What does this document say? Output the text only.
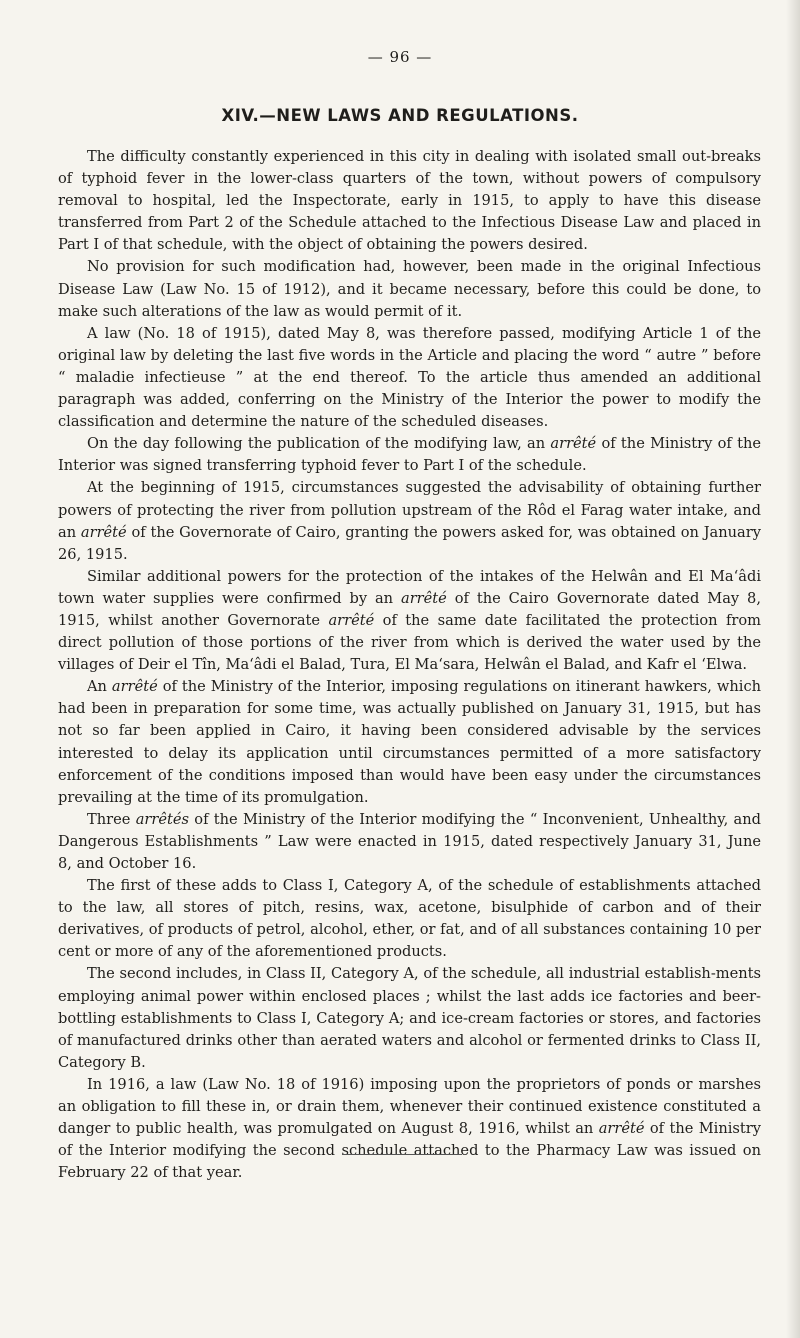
— 96 —
XIV.—NEW LAWS AND REGULATIONS.

The difficulty constantly experienced in this city in dealing with isolated small out-breaks of typhoid fever in the lower-class quarters of the town, without powers of compulsory removal to hospital, led the Inspectorate, early in 1915, to apply to have this disease transferred from Part 2 of the Schedule attached to the Infectious Disease Law and placed in Part I of that schedule, with the object of obtaining the powers desired.

No provision for such modification had, however, been made in the original Infectious Disease Law (Law No. 15 of 1912), and it became necessary, before this could be done, to make such alterations of the law as would permit of it.

A law (No. 18 of 1915), dated May 8, was therefore passed, modifying Article 1 of the original law by deleting the last five words in the Article and placing the word “ autre ” before “ maladie infectieuse ” at the end thereof. To the article thus amended an additional paragraph was added, conferring on the Ministry of the Interior the power to modify the classification and determine the nature of the scheduled diseases.

On the day following the publication of the modifying law, an arrêté of the Ministry of the Interior was signed transferring typhoid fever to Part I of the schedule.

At the beginning of 1915, circumstances suggested the advisability of obtaining further powers of protecting the river from pollution upstream of the Rôd el Farag water intake, and an arrêté of the Governorate of Cairo, granting the powers asked for, was obtained on January 26, 1915.

Similar additional powers for the protection of the intakes of the Helwân and El Ma‘âdi town water supplies were confirmed by an arrêté of the Cairo Governorate dated May 8, 1915, whilst another Governorate arrêté of the same date facilitated the protection from direct pollution of those portions of the river from which is derived the water used by the villages of Deir el Tîn, Ma‘âdi el Balad, Tura, El Ma‘sara, Helwân el Balad, and Kafr el ‘Elwa.

An arrêté of the Ministry of the Interior, imposing regulations on itinerant hawkers, which had been in preparation for some time, was actually published on January 31, 1915, but has not so far been applied in Cairo, it having been considered advisable by the services interested to delay its application until circumstances permitted of a more satisfactory enforcement of the conditions imposed than would have been easy under the circumstances prevailing at the time of its promulgation.

Three arrêtés of the Ministry of the Interior modifying the “ Inconvenient, Unhealthy, and Dangerous Establishments ” Law were enacted in 1915, dated respectively January 31, June 8, and October 16.

The first of these adds to Class I, Category A, of the schedule of establishments attached to the law, all stores of pitch, resins, wax, acetone, bisulphide of carbon and of their derivatives, of products of petrol, alcohol, ether, or fat, and of all substances containing 10 per cent or more of any of the aforementioned products.

The second includes, in Class II, Category A, of the schedule, all industrial establish-ments employing animal power within enclosed places ; whilst the last adds ice factories and beer-bottling establishments to Class I, Category A; and ice-cream factories or stores, and factories of manufactured drinks other than aerated waters and alcohol or fermented drinks to Class II, Category B.

In 1916, a law (Law No. 18 of 1916) imposing upon the proprietors of ponds or marshes an obligation to fill these in, or drain them, whenever their continued existence constituted a danger to public health, was promulgated on August 8, 1916, whilst an arrêté of the Ministry of the Interior modifying the second schedule attached to the Pharmacy Law was issued on February 22 of that year.
